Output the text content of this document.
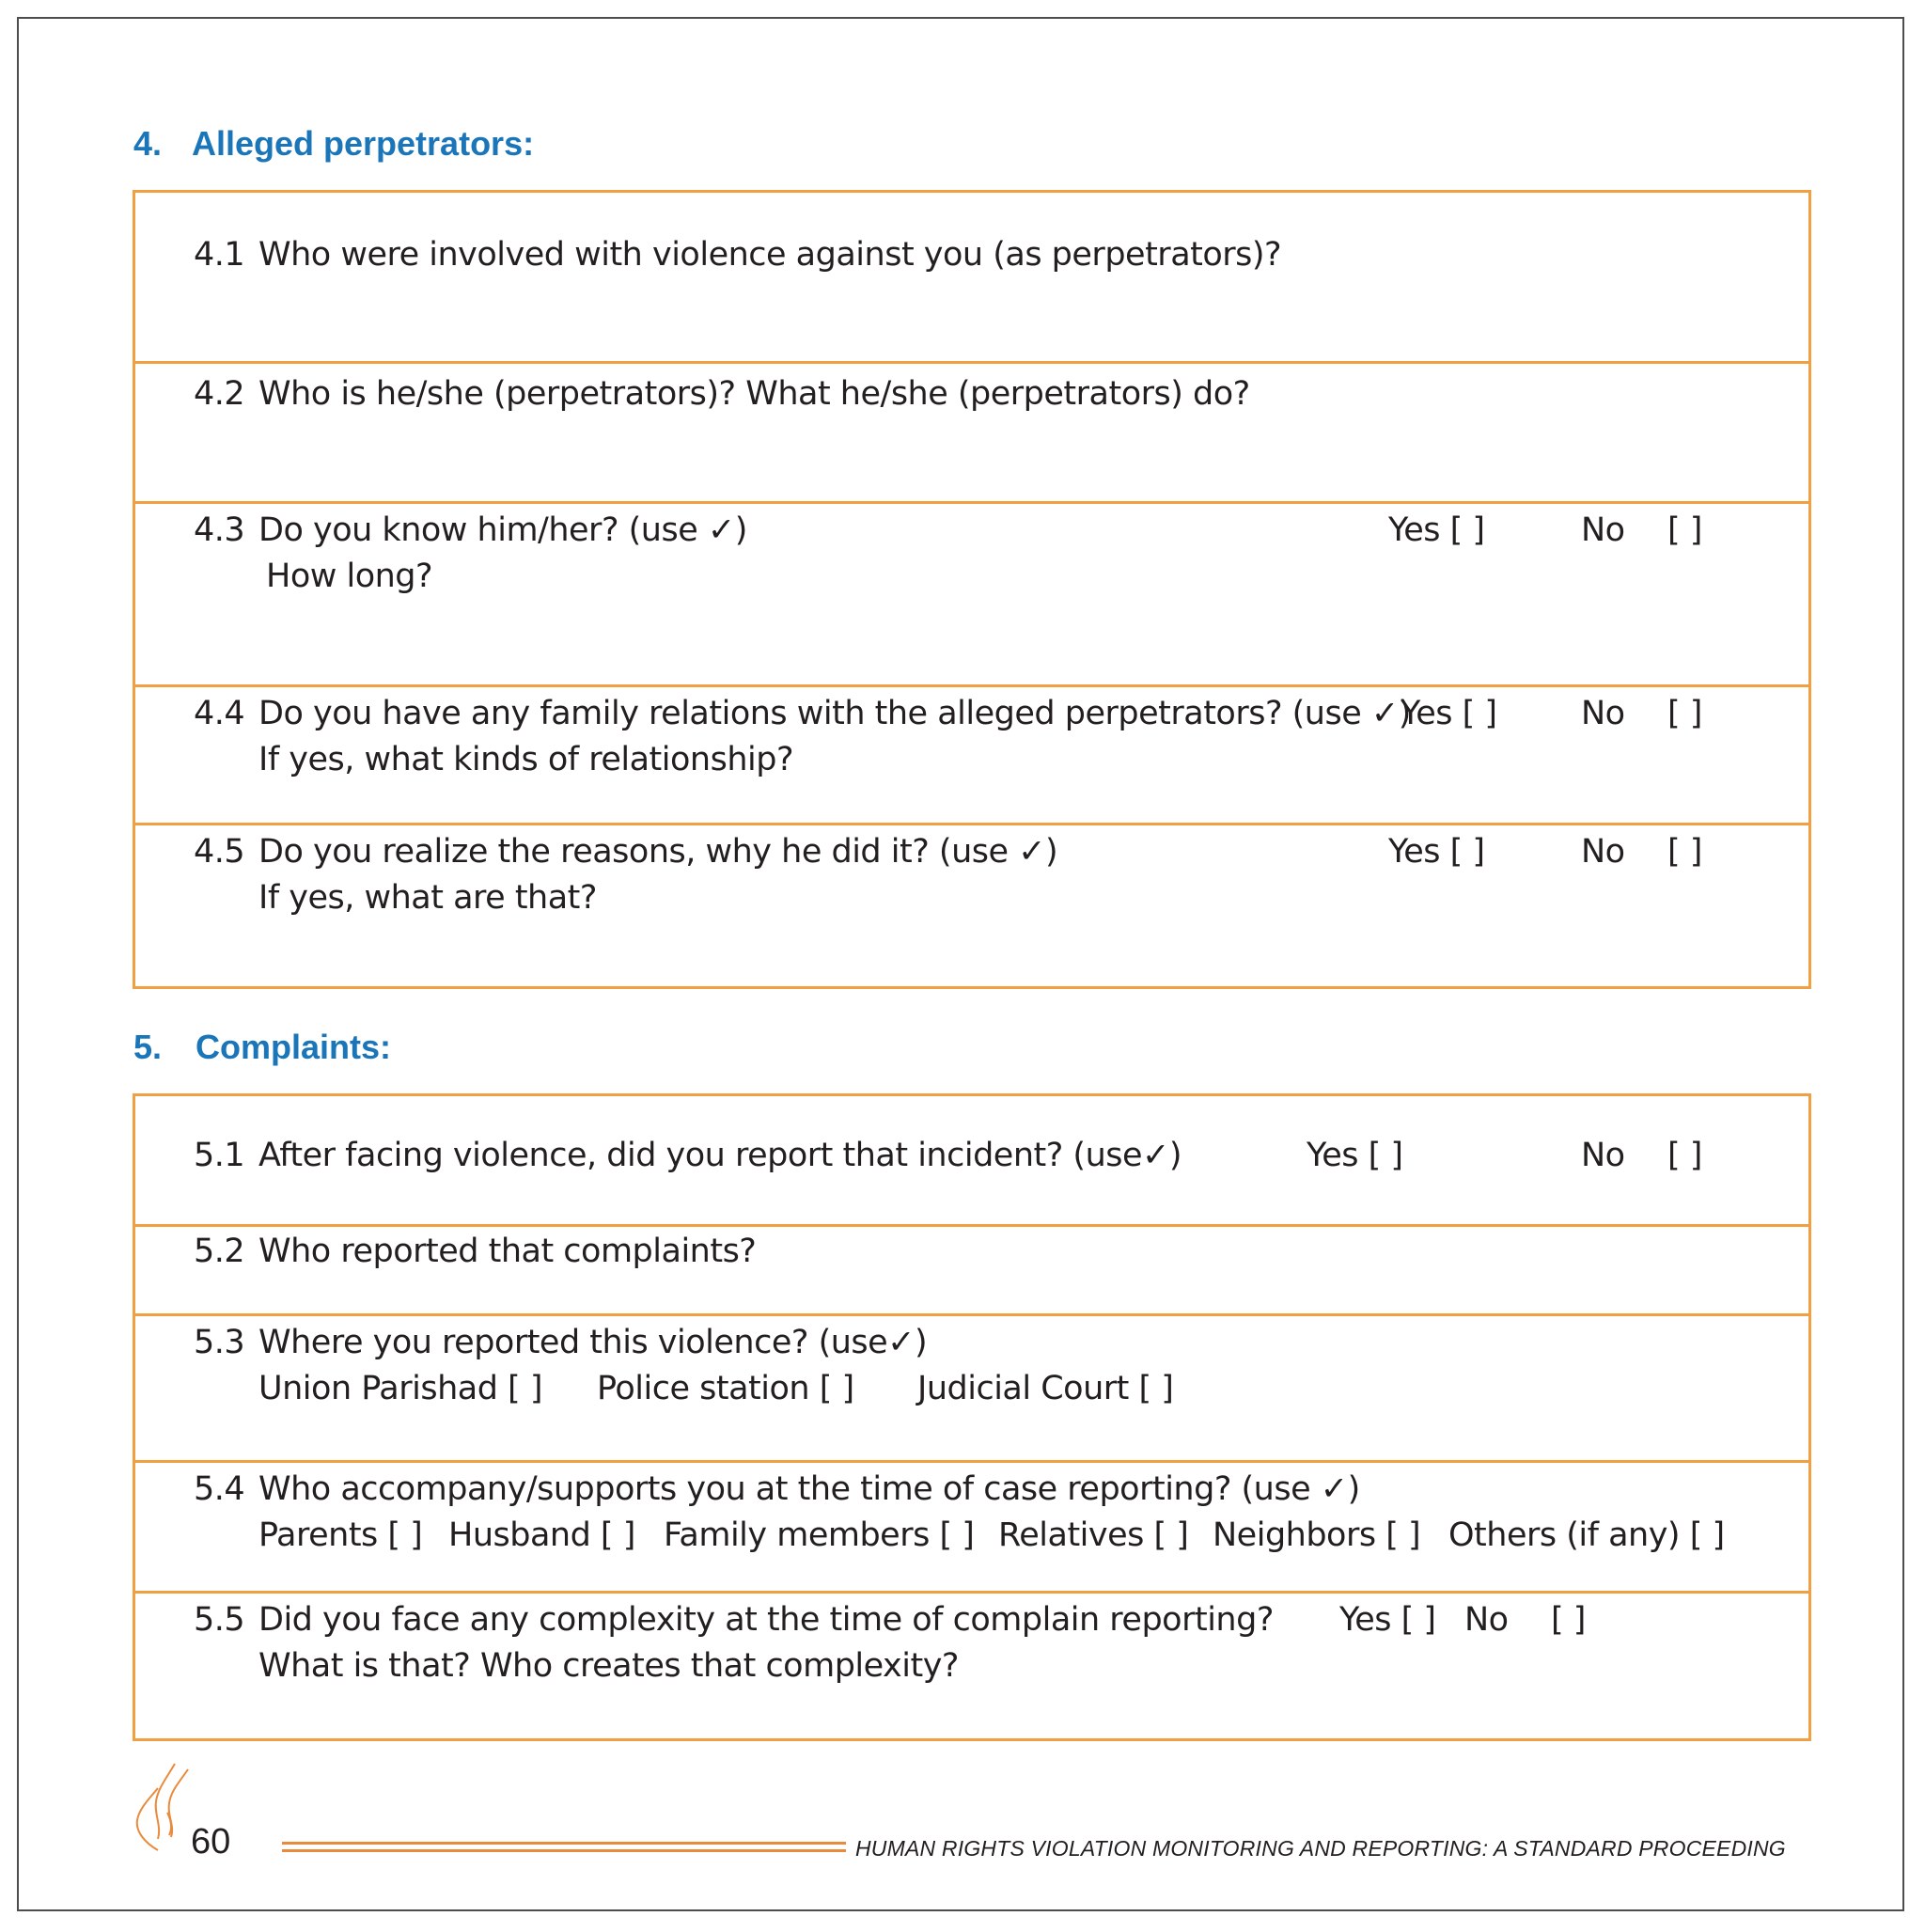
4. Alleged perpetrators:
4.1 Who were involved with violence against you (as perpetrators)?
4.2 Who is he/she (perpetrators)? What he/she (perpetrators) do?
4.3 Do you know him/her? (use ✓)
How long?
Yes [ ]	No [ ]
4.4 Do you have any family relations with the alleged perpetrators? (use ✓)
If yes, what kinds of relationship?
Yes [ ]	No [ ]
4.5 Do you realize the reasons, why he did it? (use ✓)
If yes, what are that?
Yes [ ]	No [ ]
5. Complaints:
5.1 After facing violence, did you report that incident? (use✓)	Yes [ ]	No [ ]
5.2 Who reported that complaints?
5.3 Where you reported this violence? (use✓)
Union Parishad [ ] Police station [ ] Judicial Court [ ]
5.4 Who accompany/supports you at the time of case reporting? (use ✓)
Parents [ ] Husband [ ] Family members [ ] Relatives [ ] Neighbors [ ] Others (if any) [ ]
5.5 Did you face any complexity at the time of complain reporting?
What is that? Who creates that complexity?
Yes [ ] No [ ]
60	HUMAN RIGHTS VIOLATION MONITORING AND REPORTING: A STANDARD PROCEEDING
